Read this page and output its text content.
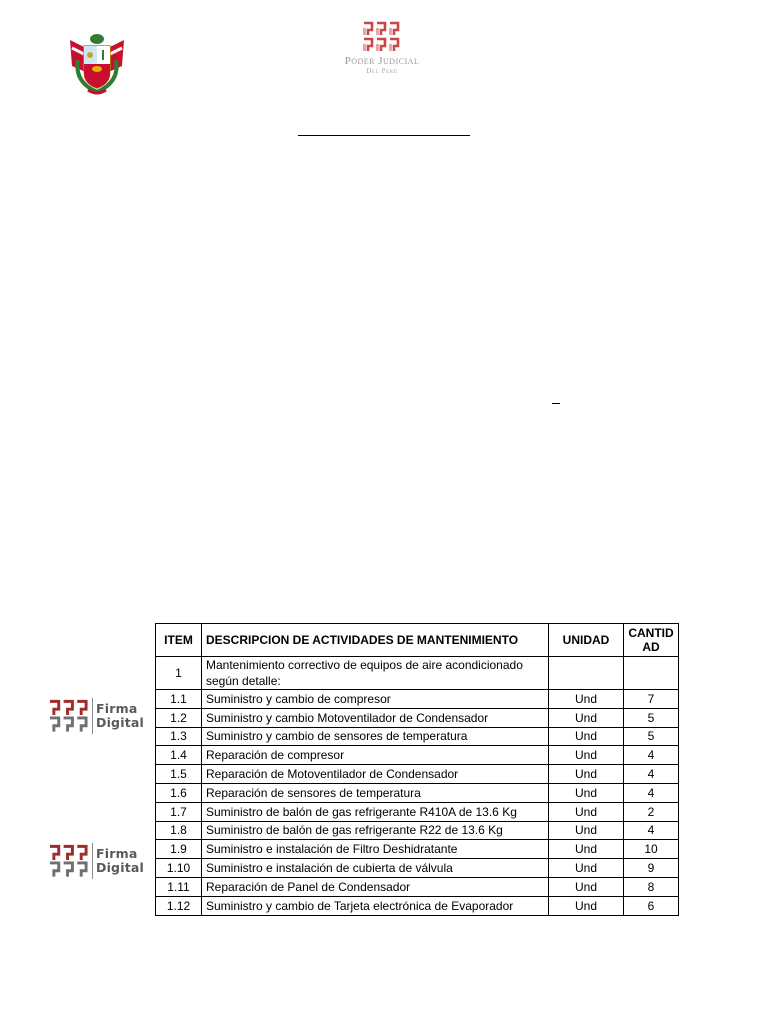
Poder Judicial
Del Perú
Firma
Digital
Firma
Digital
ITEM	DESCRIPCION DE ACTIVIDADES DE MANTENIMIENTO	UNIDAD	CANTID AD
1	Mantenimiento correctivo de equipos de aire acondicionado según detalle:		
1.1	Suministro y cambio de compresor	Und	7
1.2	Suministro y cambio Motoventilador de Condensador	Und	5
1.3	Suministro y cambio de sensores de temperatura	Und	5
1.4	Reparación de compresor	Und	4
1.5	Reparación de Motoventilador de Condensador	Und	4
1.6	Reparación de sensores de temperatura	Und	4
1.7	Suministro de balón de gas refrigerante R410A de 13.6 Kg	Und	2
1.8	Suministro de balón de gas refrigerante R22 de 13.6 Kg	Und	4
1.9	Suministro e instalación de Filtro Deshidratante	Und	10
1.10	Suministro e instalación de cubierta de válvula	Und	9
1.11	Reparación de Panel de Condensador	Und	8
1.12	Suministro y cambio de Tarjeta electrónica de Evaporador	Und	6
